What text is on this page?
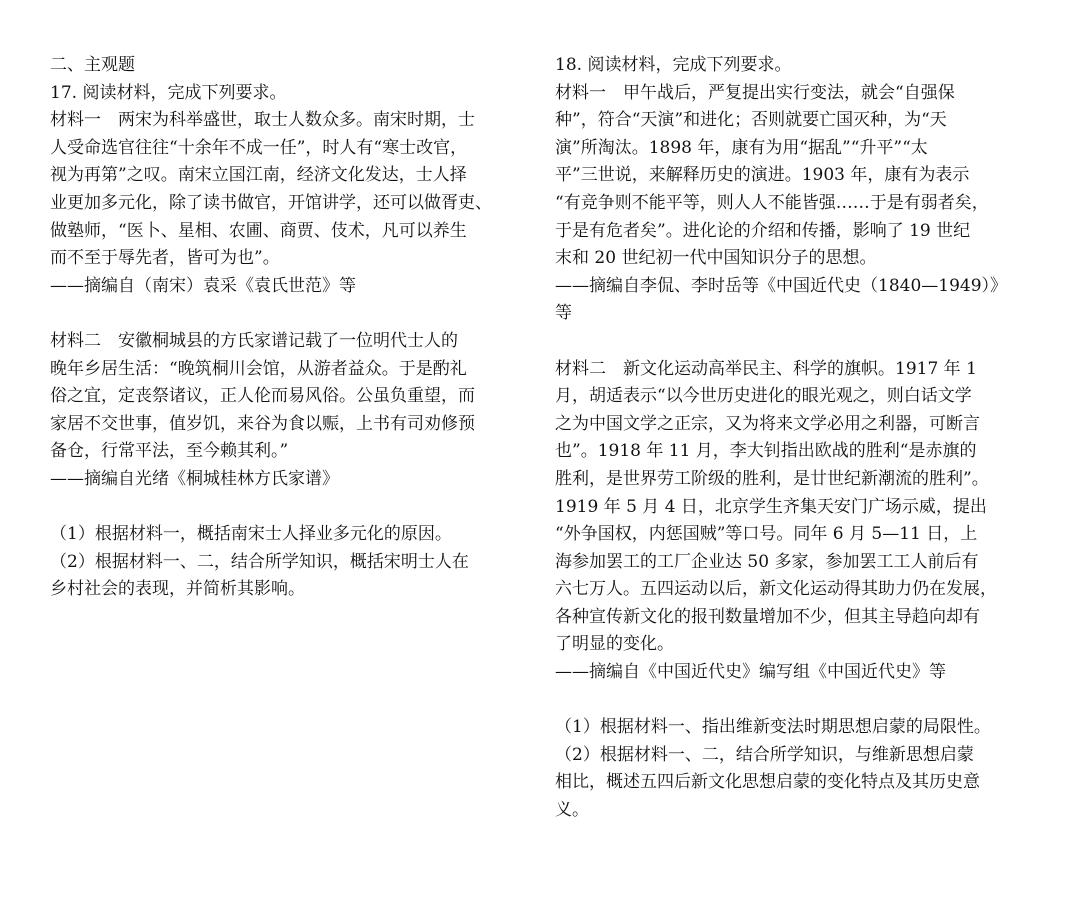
二、主观题
17. 阅读材料，完成下列要求。
材料一　两宋为科举盛世，取士人数众多。南宋时期，士
人受命选官往往“十余年不成一任”，时人有“寒士改官，
视为再第”之叹。南宋立国江南，经济文化发达，士人择
业更加多元化，除了读书做官，开馆讲学，还可以做胥吏、
做塾师，“医卜、星相、农圃、商贾、伎术，凡可以养生
而不至于辱先者，皆可为也”。
——摘编自（南宋）袁采《袁氏世范》等
材料二　安徽桐城县的方氏家谱记载了一位明代士人的
晚年乡居生活：“晚筑桐川会馆，从游者益众。于是酌礼
俗之宜，定丧祭诸议，正人伦而易风俗。公虽负重望，而
家居不交世事，值岁饥，来谷为食以赈，上书有司劝修预
备仓，行常平法，至今赖其利。”
——摘编自光绪《桐城桂林方氏家谱》
（1）根据材料一，概括南宋士人择业多元化的原因。
（2）根据材料一、二，结合所学知识，概括宋明士人在
乡村社会的表现，并简析其影响。
18. 阅读材料，完成下列要求。
材料一　甲午战后，严复提出实行变法，就会“自强保
种”，符合“天演”和进化；否则就要亡国灭种，为“天
演”所淘汰。1898 年，康有为用“据乱”“升平”“太
平”三世说，来解释历史的演进。1903 年，康有为表示
“有竞争则不能平等，则人人不能皆强……于是有弱者矣，
于是有危者矣”。进化论的介绍和传播，影响了 19 世纪
末和 20 世纪初一代中国知识分子的思想。
——摘编自李侃、李时岳等《中国近代史（1840—1949）》
等
材料二　新文化运动高举民主、科学的旗帜。1917 年 1
月，胡适表示“以今世历史进化的眼光观之，则白话文学
之为中国文学之正宗，又为将来文学必用之利器，可断言
也”。1918 年 11 月，李大钊指出欧战的胜利“是赤旗的
胜利，是世界劳工阶级的胜利，是廿世纪新潮流的胜利”。
1919 年 5 月 4 日，北京学生齐集天安门广场示威，提出
“外争国权，内惩国贼”等口号。同年 6 月 5—11 日，上
海参加罢工的工厂企业达 50 多家，参加罢工工人前后有
六七万人。五四运动以后，新文化运动得其助力仍在发展，
各种宣传新文化的报刊数量增加不少，但其主导趋向却有
了明显的变化。
——摘编自《中国近代史》编写组《中国近代史》等
（1）根据材料一、指出维新变法时期思想启蒙的局限性。
（2）根据材料一、二，结合所学知识，与维新思想启蒙
相比，概述五四后新文化思想启蒙的变化特点及其历史意
义。
